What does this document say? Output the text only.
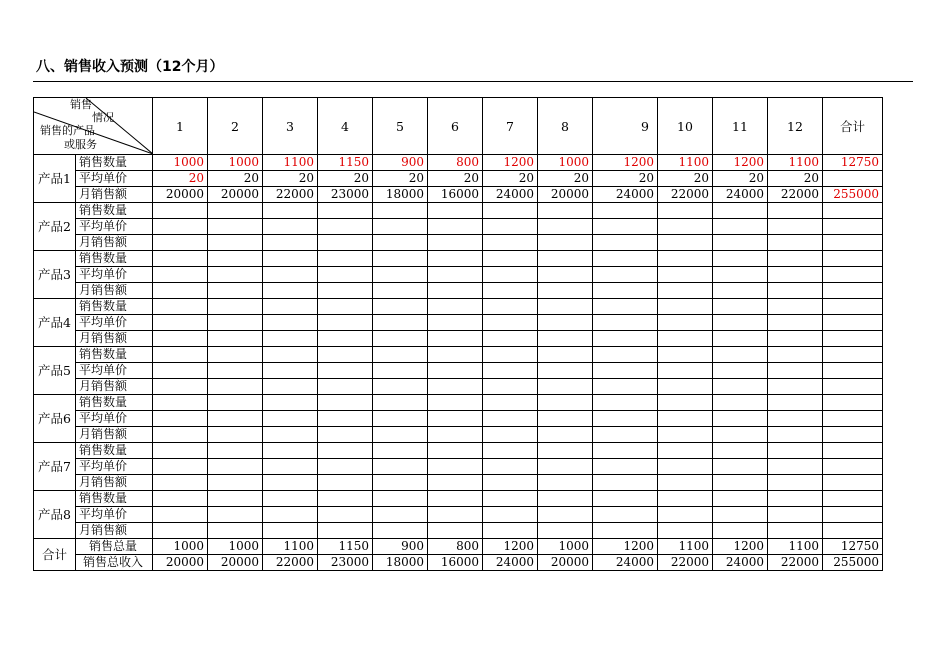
八、销售收入预测（12个月）
销售
情况
销售的产品
或服务		1	2	3	4	5	6	7	8	9	10	11	12	合计
产品1	销售数量	1000	1000	1100	1150	900	800	1200	1000	1200	1100	1200	1100	12750
	平均单价	20	20	20	20	20	20	20	20	20	20	20	20	
	月销售额	20000	20000	22000	23000	18000	16000	24000	20000	24000	22000	24000	22000	255000
产品2	销售数量													
	平均单价													
	月销售额													
产品3	销售数量													
	平均单价													
	月销售额													
产品4	销售数量													
	平均单价													
	月销售额													
产品5	销售数量													
	平均单价													
	月销售额													
产品6	销售数量													
	平均单价													
	月销售额													
产品7	销售数量													
	平均单价													
	月销售额													
产品8	销售数量													
	平均单价													
	月销售额													
合计	销售总量	1000	1000	1100	1150	900	800	1200	1000	1200	1100	1200	1100	12750
	销售总收入	20000	20000	22000	23000	18000	16000	24000	20000	24000	22000	24000	22000	255000
